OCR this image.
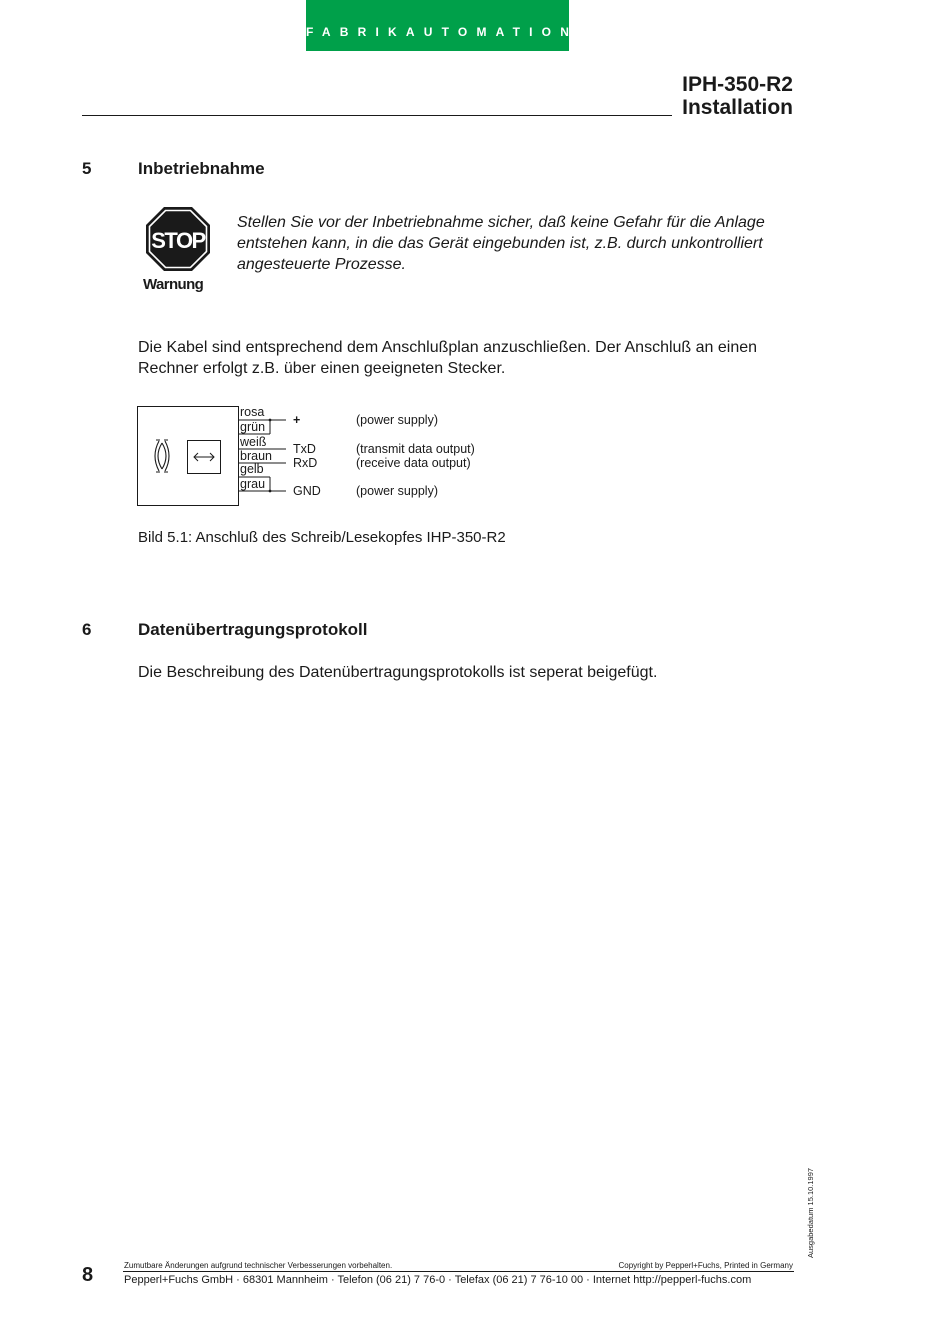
FABRIKAUTOMATION
IPH-350-R2
Installation
5	Inbetriebnahme
STOP
Warnung
Stellen Sie vor der Inbetriebnahme sicher, daß keine Gefahr für die Anlage entstehen kann, in die das Gerät eingebunden ist, z.B. durch unkontrolliert angesteuerte Prozesse.
Die Kabel sind entsprechend dem Anschlußplan anzuschließen. Der Anschluß an einen Rechner erfolgt z.B. über einen geeigneten Stecker.
rosa
grün
weiß
braun
gelb
grau
+
TxD
RxD
GND
(power supply)
(transmit data output)
(receive data output)
(power supply)
Bild 5.1: Anschluß des Schreib/Lesekopfes IHP-350-R2
6	Datenübertragungsprotokoll
Die Beschreibung des Datenübertragungsprotokolls ist seperat beigefügt.
Ausgabedatum 15.10.1997
Zumutbare Änderungen aufgrund technischer Verbesserungen vorbehalten.	Copyright by Pepperl+Fuchs, Printed in Germany
8	Pepperl+Fuchs GmbH · 68301 Mannheim · Telefon (06 21) 7 76-0 · Telefax (06 21) 7 76-10 00 · Internet http://pepperl-fuchs.com
